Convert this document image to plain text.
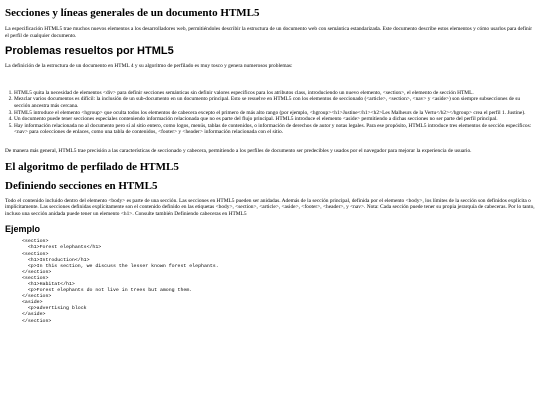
Secciones y líneas generales de un documento HTML5

La especificación HTML5 trae muchos nuevos elementos a los desarrolladores web, permitiéndoles describir la estructura de un documento web con semántica estandarizada. Este documento describe estos elementos y cómo usarlos para definir el perfil de cualquier documento.

Problemas resueltos por HTML5

La definición de la estructura de un documento en HTML 4 y su algoritmo de perfilado es muy tosco y genera numerosos problemas:

1. HTML5 quita la necesidad de elementos <div> para definir secciones semánticas sin definir valores específicos para los atributos class, introduciendo un nuevo elemento, <section>, el elemento de sección HTML.
2. Mezclar varios documentos es difícil: la inclusión de un sub-documento en un documento principal. Esto se resuelve en HTML5 con los elementos de seccionado (<article>, <section>, <nav> y <aside>) son siempre subsecciones de su sección ancestra más cercana.
3. HTML5 introduce el elemento <hgroup> que oculta todos los elementos de cabecera excepto el primero de más alto rango (por ejemplo, <hgroup><h1>Justine</h1><h2>Les Malheurs de la Vertu</h2></hgroup> crea el perfil 1. Justine).
4. Un documento puede tener secciones especiales conteniendo información relacionada que no es parte del flujo principal. HTML5 introduce el elemento <aside> permitiendo a dichas secciones no ser parte del perfil principal.
5. Hay información relacionada no al documento pero sí al sitio entero, como logos, menús, tablas de contenidos, o información de derechos de autor y notas legales. Para ese propósito, HTML5 introduce tres elementos de sección específicos: <nav> para colecciones de enlaces, como una tabla de contenidos, <footer> y <header> información relacionada con el sitio.

De manera más general, HTML5 trae precisión a las características de seccionado y cabecera, permitiendo a los perfiles de documento ser predecibles y usados por el navegador para mejorar la experiencia de usuario.

El algoritmo de perfilado de HTML5
Definiendo secciones en HTML5

Todo el contenido incluido dentro del elemento <body> es parte de una sección. Las secciones en HTML5 pueden ser anidadas. Además de la sección principal, definida por el elemento <body>, los límites de la sección son definidos explícita o implícitamente. Las secciones definidas explícitamente son el contenido definido en las etiquetas <body>, <section>, <article>, <aside>, <footer>, <header>, y <nav>. Nota: Cada sección puede tener su propia jerarquía de cabeceras. Por lo tanto, incluso una sección anidada puede tener un elemento <h1>. Consulte también Definiendo cabeceras en HTML5

Ejemplo
<section>
<h1>Forest elephants</h1>
<section>
<h1>Introduction</h1>
<p>In this section, we discuss the lesser known forest elephants.
</section>
<section>
<h1>Habitat</h1>
<p>Forest elephants do not live in trees but among them.
</section>
<aside>
<p>advertising block
</aside>
</section>
